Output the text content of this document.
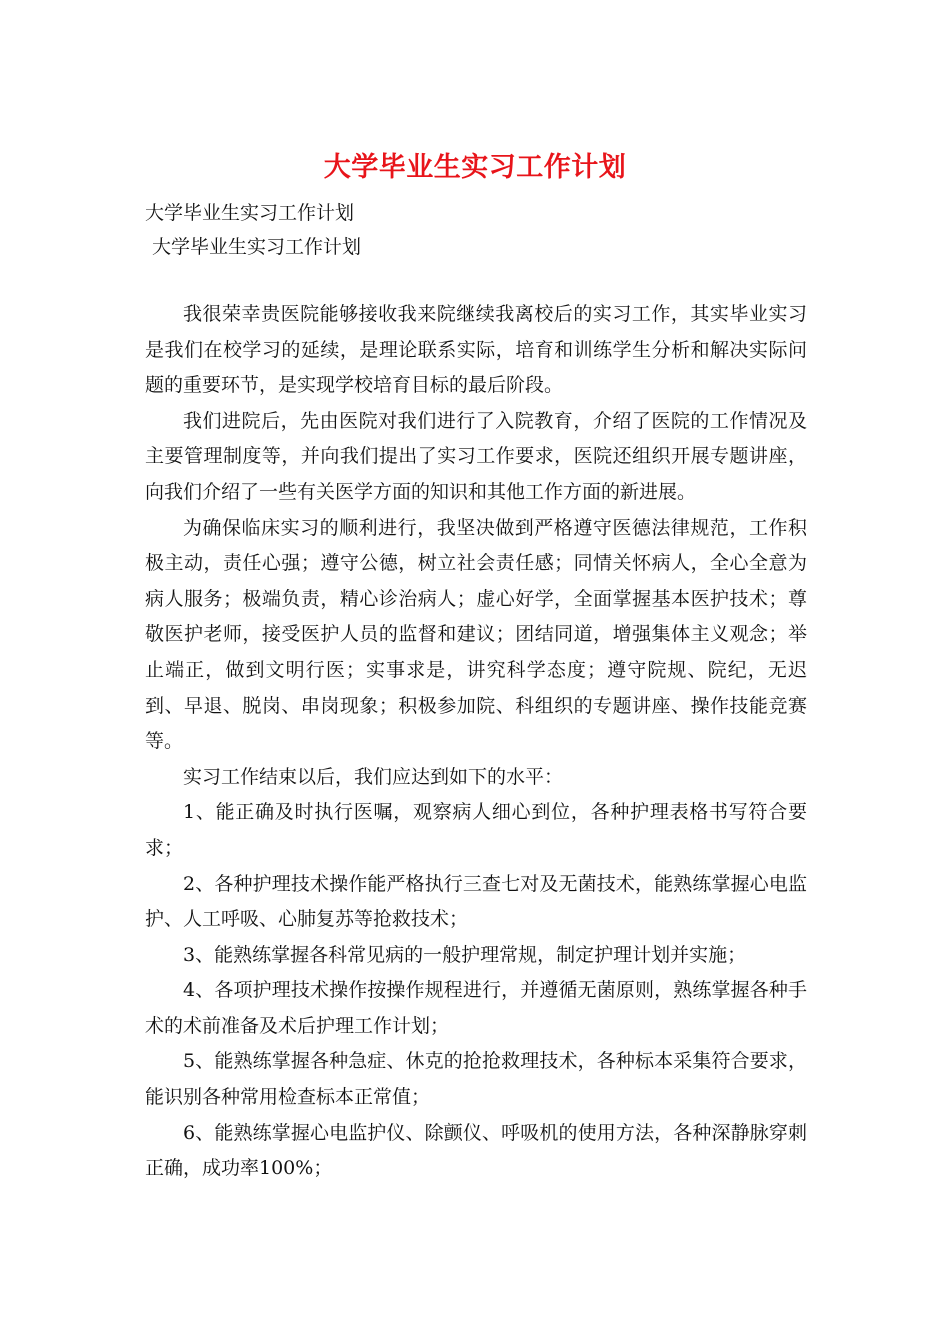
大学毕业生实习工作计划
大学毕业生实习工作计划
大学毕业生实习工作计划

我很荣幸贵医院能够接收我来院继续我离校后的实习工作，其实毕业实习是我们在校学习的延续，是理论联系实际，培育和训练学生分析和解决实际问题的重要环节，是实现学校培育目标的最后阶段。

我们进院后，先由医院对我们进行了入院教育，介绍了医院的工作情况及主要管理制度等，并向我们提出了实习工作要求，医院还组织开展专题讲座，向我们介绍了一些有关医学方面的知识和其他工作方面的新进展。

为确保临床实习的顺利进行，我坚决做到严格遵守医德法律规范，工作积极主动，责任心强；遵守公德，树立社会责任感；同情关怀病人，全心全意为病人服务；极端负责，精心诊治病人；虚心好学，全面掌握基本医护技术；尊敬医护老师，接受医护人员的监督和建议；团结同道，增强集体主义观念；举止端正，做到文明行医；实事求是，讲究科学态度；遵守院规、院纪，无迟到、早退、脱岗、串岗现象；积极参加院、科组织的专题讲座、操作技能竞赛等。

实习工作结束以后，我们应达到如下的水平：

1、能正确及时执行医嘱，观察病人细心到位，各种护理表格书写符合要求；

2、各种护理技术操作能严格执行三查七对及无菌技术，能熟练掌握心电监护、人工呼吸、心肺复苏等抢救技术；

3、能熟练掌握各科常见病的一般护理常规，制定护理计划并实施；

4、各项护理技术操作按操作规程进行，并遵循无菌原则，熟练掌握各种手术的术前准备及术后护理工作计划；

5、能熟练掌握各种急症、休克的抢抢救理技术，各种标本采集符合要求，能识别各种常用检查标本正常值；

6、能熟练掌握心电监护仪、除颤仪、呼吸机的使用方法，各种深静脉穿刺正确，成功率100%；
